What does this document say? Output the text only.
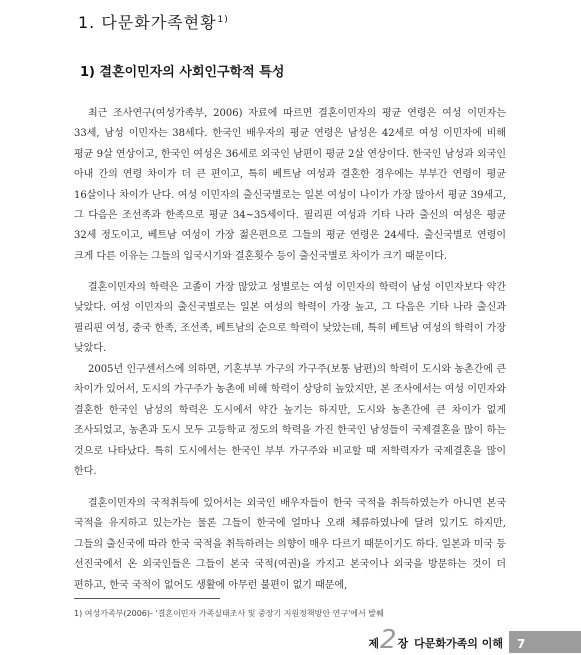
1. 다문화가족현황$^{1)}$
1) 결혼이민자의 사회인구학적 특성

최근 조사연구(여성가족부, 2006) 자료에 따르면 결혼이민자의 평균 연령은 여성 이민자는 33세, 남성 이민자는 38세다. 한국인 배우자의 평균 연령은 남성은 42세로 여성 이민자에 비해 평균 9살 연상이고, 한국인 여성은 36세로 외국인 남편이 평균 2살 연상이다. 한국인 남성과 외국인 아내 간의 연령 차이가 더 큰 편이고, 특히 베트남 여성과 결혼한 경우에는 부부간 연령이 평균 16살이나 차이가 난다. 여성 이민자의 출신국별로는 일본 여성이 나이가 가장 많아서 평균 39세고, 그 다음은 조선족과 한족으로 평균 34~35세이다. 필리핀 여성과 기타 나라 출신의 여성은 평균 32세 정도이고, 베트남 여성이 가장 젊은편으로 그들의 평균 연령은 24세다. 출신국별로 연령이 크게 다른 이유는 그들의 입국시기와 결혼횟수 등이 출신국별로 차이가 크기 때문이다.

결혼이민자의 학력은 고졸이 가장 많았고 성별로는 여성 이민자의 학력이 남성 이민자보다 약간 낮았다. 여성 이민자의 출신국별로는 일본 여성의 학력이 가장 높고, 그 다음은 기타 나라 출신과 필리핀 여성, 중국 한족, 조선족, 베트남의 순으로 학력이 낮았는데, 특히 베트남 여성의 학력이 가장 낮았다.

2005년 인구센서스에 의하면, 기혼부부 가구의 가구주(보통 남편)의 학력이 도시와 농촌간에 큰 차이가 있어서, 도시의 가구주가 농촌에 비해 학력이 상당히 높았지만, 본 조사에서는 여성 이민자와 결혼한 한국인 남성의 학력은 도시에서 약간 높기는 하지만, 도시와 농촌간에 큰 차이가 없게 조사되었고, 농촌과 도시 모두 고등학교 정도의 학력을 가진 한국인 남성들이 국제결혼을 많이 하는 것으로 나타났다. 특히 도시에서는 한국인 부부 가구주와 비교할 때 저학력자가 국제결혼을 많이 한다.

결혼이민자의 국적취득에 있어서는 외국인 배우자들이 한국 국적을 취득하였는가 아니면 본국 국적을 유지하고 있는가는 물론 그들이 한국에 얼마나 오래 체류하였나에 달려 있기도 하지만, 그들의 출신국에 따라 한국 국적을 취득하려는 의향이 매우 다르기 때문이기도 하다. 일본과 미국 등 선진국에서 온 외국인들은 그들이 본국 국적(여권)을 가지고 본국이나 외국을 방문하는 것이 더 편하고, 한국 국적이 없어도 생활에 아무런 불편이 없기 때문에,

1) 여성가족부(2006)- '결혼이민자 가족실태조사 및 중장기 지원정책방안 연구'에서 발췌
제 2 장 다문화가족의 이해 7
